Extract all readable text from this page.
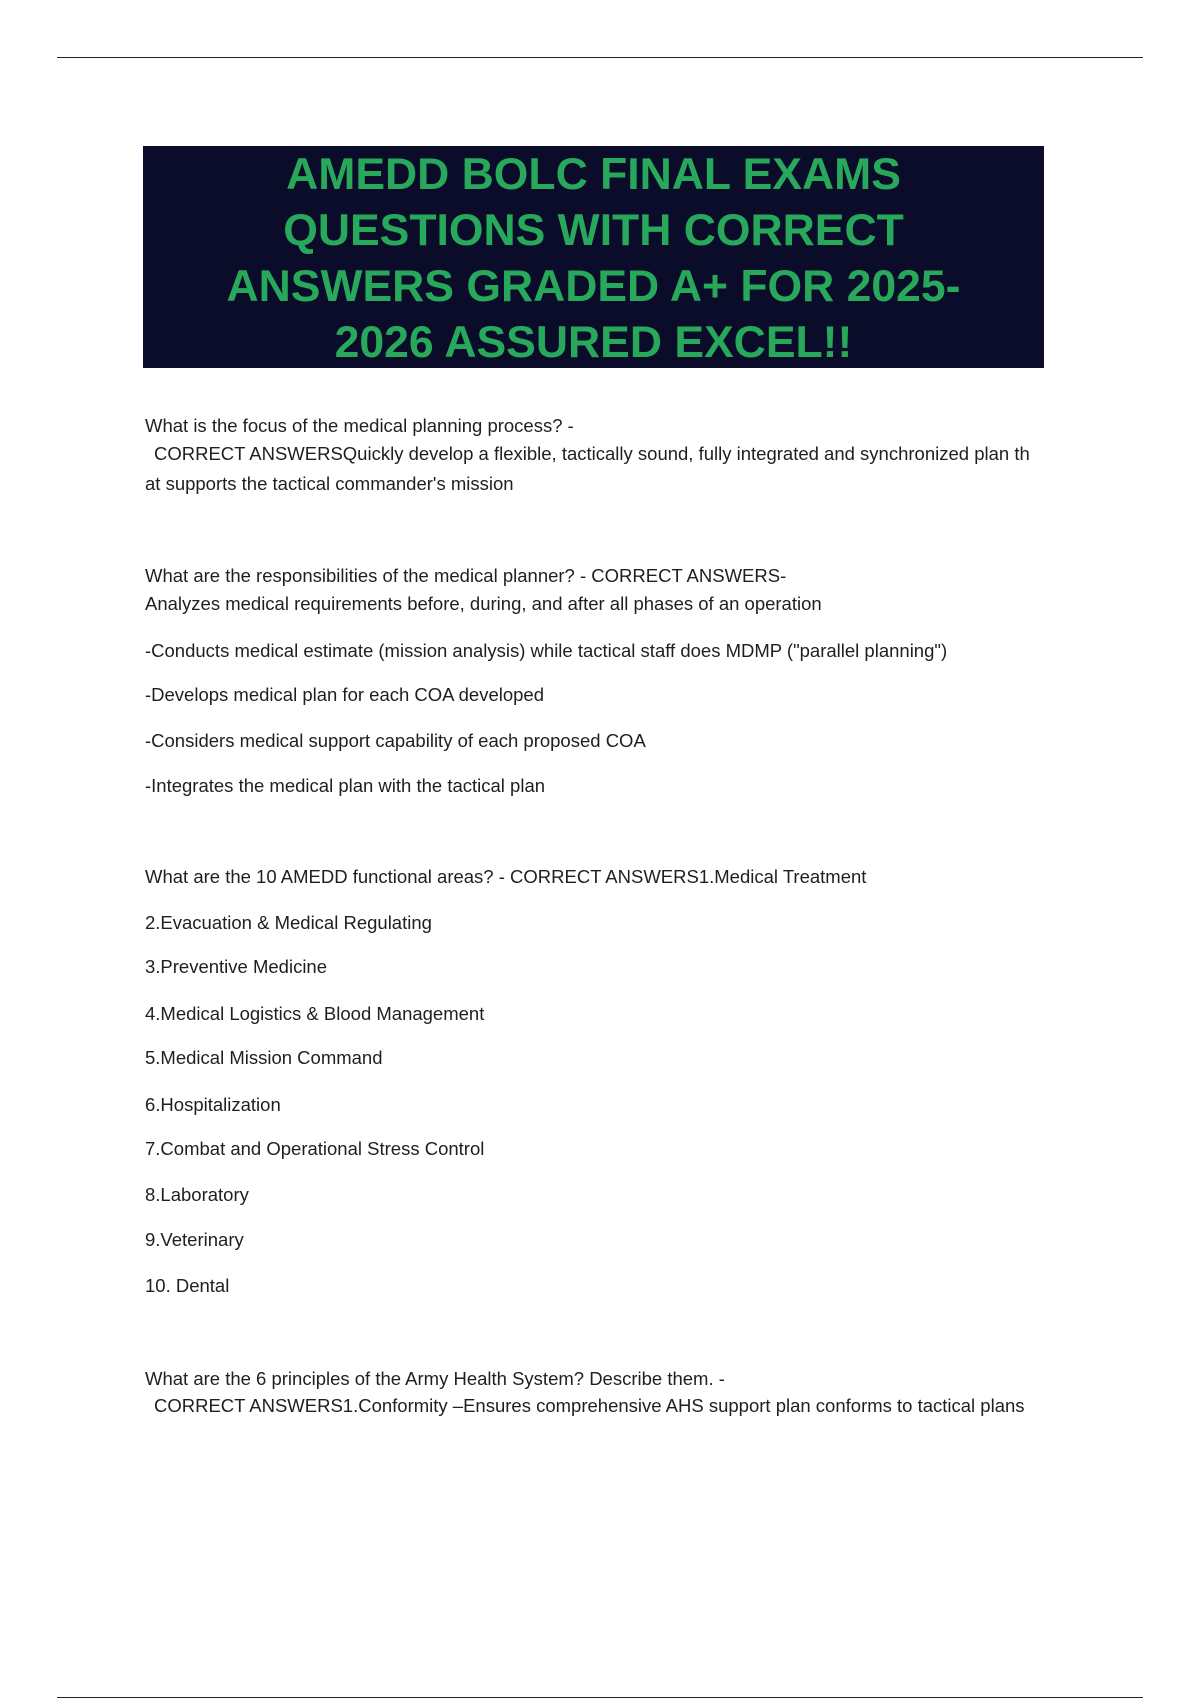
AMEDD BOLC FINAL EXAMS
QUESTIONS WITH CORRECT
ANSWERS GRADED A+ FOR 2025-
2026 ASSURED EXCEL!!
What is the focus of the medical planning process? -
CORRECT ANSWERSQuickly develop a flexible, tactically sound, fully integrated and synchronized plan th
at supports the tactical commander's mission
What are the responsibilities of the medical planner? - CORRECT ANSWERS-
Analyzes medical requirements before, during, and after all phases of an operation
-Conducts medical estimate (mission analysis) while tactical staff does MDMP ("parallel planning")
-Develops medical plan for each COA developed
-Considers medical support capability of each proposed COA
-Integrates the medical plan with the tactical plan
What are the 10 AMEDD functional areas? - CORRECT ANSWERS1.Medical Treatment
2.Evacuation & Medical Regulating
3.Preventive Medicine
4.Medical Logistics & Blood Management
5.Medical Mission Command
6.Hospitalization
7.Combat and Operational Stress Control
8.Laboratory
9.Veterinary
10. Dental
What are the 6 principles of the Army Health System? Describe them. -
CORRECT ANSWERS1.Conformity –Ensures comprehensive AHS support plan conforms to tactical plans
